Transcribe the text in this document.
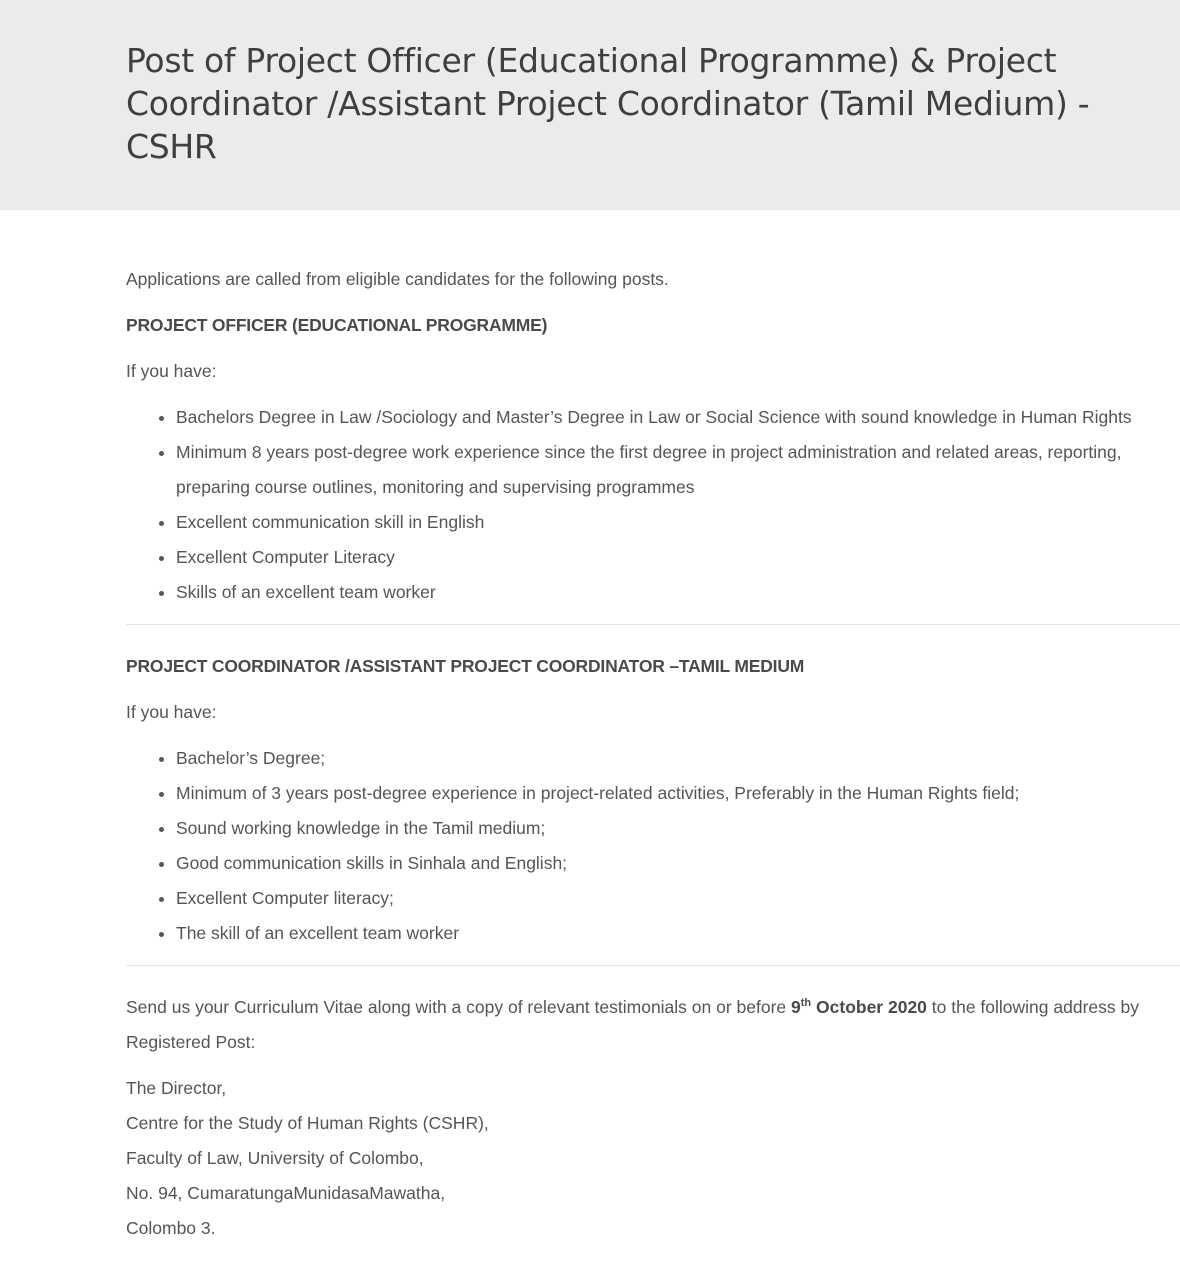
Post of Project Officer (Educational Programme) & Project Coordinator /Assistant Project Coordinator (Tamil Medium) - CSHR

Applications are called from eligible candidates for the following posts.

PROJECT OFFICER (EDUCATIONAL PROGRAMME)

If you have:

• Bachelors Degree in Law /Sociology and Master’s Degree in Law or Social Science with sound knowledge in Human Rights
• Minimum 8 years post-degree work experience since the first degree in project administration and related areas, reporting, preparing course outlines, monitoring and supervising programmes
• Excellent communication skill in English
• Excellent Computer Literacy
• Skills of an excellent team worker

PROJECT COORDINATOR /ASSISTANT PROJECT COORDINATOR –TAMIL MEDIUM

If you have:

• Bachelor’s Degree;
• Minimum of 3 years post-degree experience in project-related activities, Preferably in the Human Rights field;
• Sound working knowledge in the Tamil medium;
• Good communication skills in Sinhala and English;
• Excellent Computer literacy;
• The skill of an excellent team worker

Send us your Curriculum Vitae along with a copy of relevant testimonials on or before 9th October 2020 to the following address by Registered Post:

The Director,

Centre for the Study of Human Rights (CSHR),

Faculty of Law, University of Colombo,

No. 94, CumaratungaMunidasaMawatha,

Colombo 3.
